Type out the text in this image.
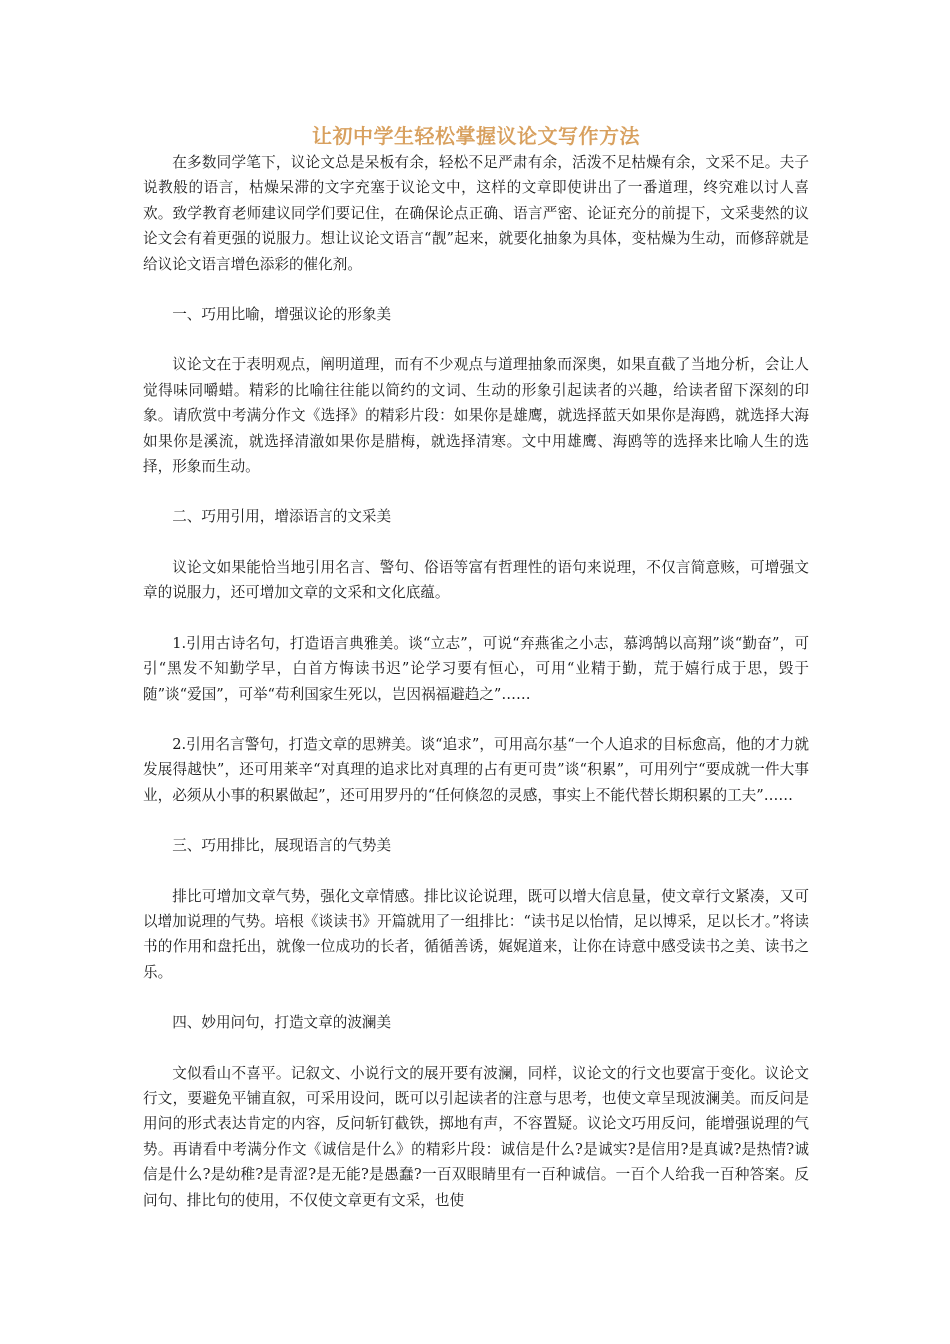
让初中学生轻松掌握议论文写作方法

在多数同学笔下，议论文总是呆板有余，轻松不足严肃有余，活泼不足枯燥有余，文采不足。夫子说教般的语言，枯燥呆滞的文字充塞于议论文中，这样的文章即使讲出了一番道理，终究难以讨人喜欢。致学教育老师建议同学们要记住，在确保论点正确、语言严密、论证充分的前提下，文采斐然的议论文会有着更强的说服力。想让议论文语言“靓”起来，就要化抽象为具体，变枯燥为生动，而修辞就是给议论文语言增色添彩的催化剂。

一、巧用比喻，增强议论的形象美

议论文在于表明观点，阐明道理，而有不少观点与道理抽象而深奥，如果直截了当地分析，会让人觉得味同嚼蜡。精彩的比喻往往能以简约的文词、生动的形象引起读者的兴趣，给读者留下深刻的印象。请欣赏中考满分作文《选择》的精彩片段：如果你是雄鹰，就选择蓝天如果你是海鸥，就选择大海如果你是溪流，就选择清澈如果你是腊梅，就选择清寒。文中用雄鹰、海鸥等的选择来比喻人生的选择，形象而生动。

二、巧用引用，增添语言的文采美

议论文如果能恰当地引用名言、警句、俗语等富有哲理性的语句来说理，不仅言简意赅，可增强文章的说服力，还可增加文章的文采和文化底蕴。

1.引用古诗名句，打造语言典雅美。谈“立志”，可说“弃燕雀之小志，慕鸿鹄以高翔”谈“勤奋”，可引“黑发不知勤学早，白首方悔读书迟”论学习要有恒心，可用“业精于勤，荒于嬉行成于思，毁于随”谈“爱国”，可举“苟利国家生死以，岂因祸福避趋之”……

2.引用名言警句，打造文章的思辨美。谈“追求”，可用高尔基“一个人追求的目标愈高，他的才力就发展得越快”，还可用莱辛“对真理的追求比对真理的占有更可贵”谈“积累”，可用列宁“要成就一件大事业，必须从小事的积累做起”，还可用罗丹的“任何倏忽的灵感，事实上不能代替长期积累的工夫”……

三、巧用排比，展现语言的气势美

排比可增加文章气势，强化文章情感。排比议论说理，既可以增大信息量，使文章行文紧凑，又可以增加说理的气势。培根《谈读书》开篇就用了一组排比：“读书足以怡情，足以博采，足以长才。”将读书的作用和盘托出，就像一位成功的长者，循循善诱，娓娓道来，让你在诗意中感受读书之美、读书之乐。

四、妙用问句，打造文章的波澜美

文似看山不喜平。记叙文、小说行文的展开要有波澜，同样，议论文的行文也要富于变化。议论文行文，要避免平铺直叙，可采用设问，既可以引起读者的注意与思考，也使文章呈现波澜美。而反问是用问的形式表达肯定的内容，反问斩钉截铁，掷地有声，不容置疑。议论文巧用反问，能增强说理的气势。再请看中考满分作文《诚信是什么》的精彩片段：诚信是什么?是诚实?是信用?是真诚?是热情?诚信是什么?是幼稚?是青涩?是无能?是愚蠢?一百双眼睛里有一百种诚信。一百个人给我一百种答案。反问句、排比句的使用，不仅使文章更有文采，也使
